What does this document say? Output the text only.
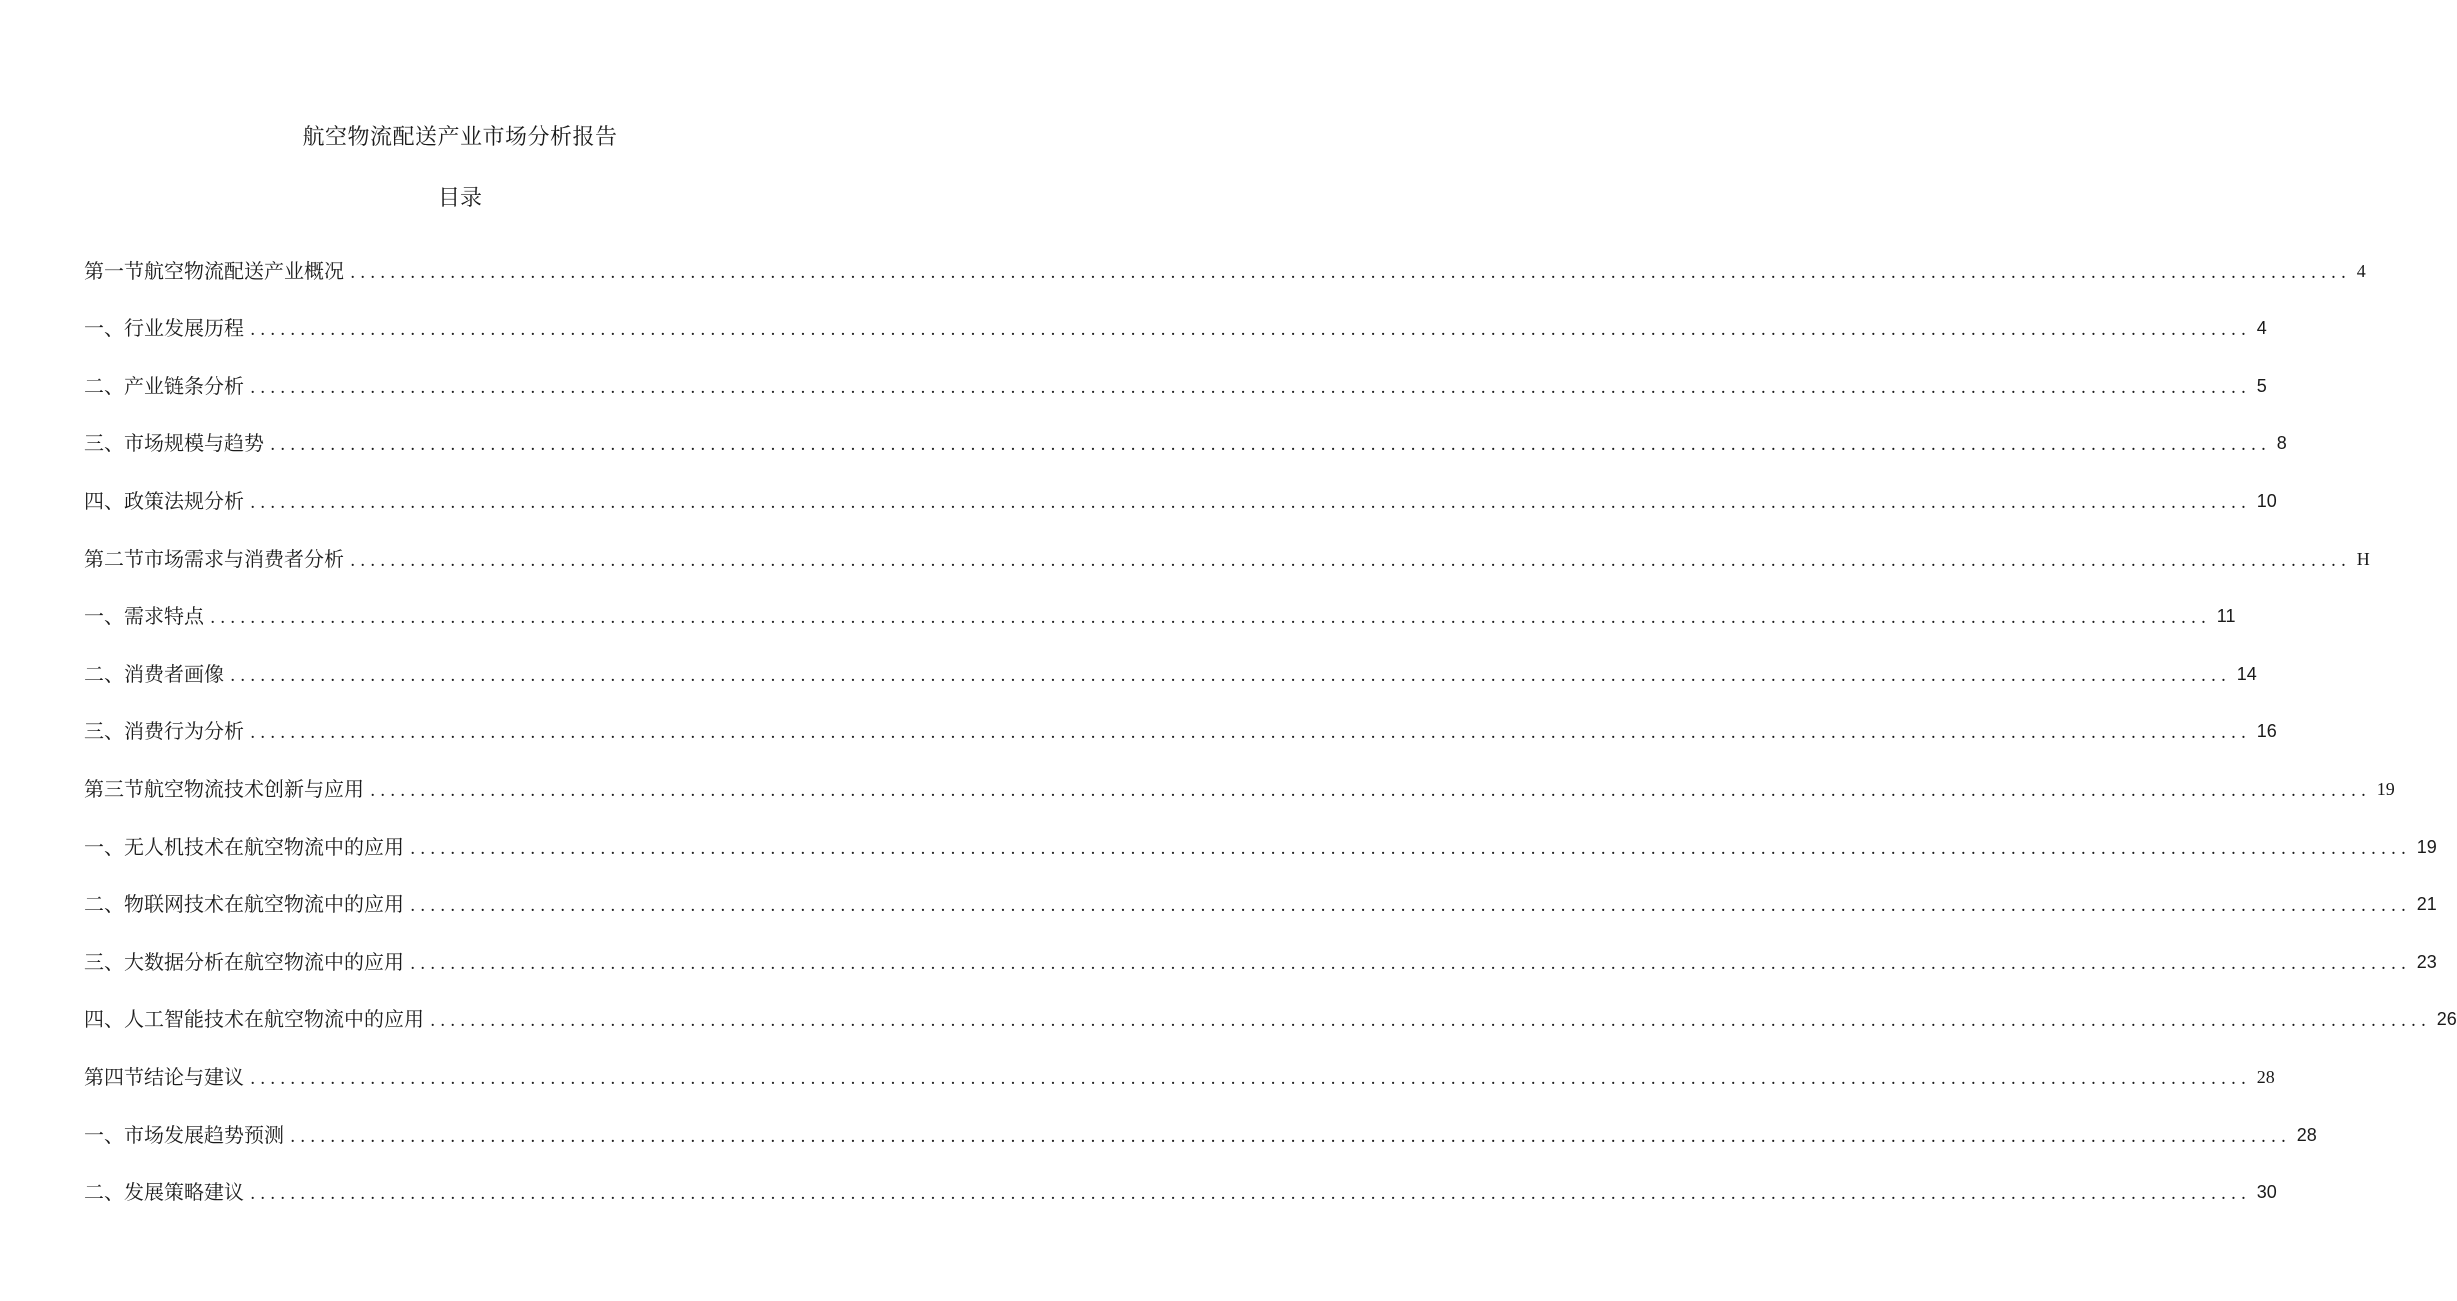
航空物流配送产业市场分析报告
目录
第一节航空物流配送产业概况 ........................................................................................................................................................................................................ 4
一、行业发展历程 ........................................................................................................................................................................................................ 4
二、产业链条分析 ........................................................................................................................................................................................................ 5
三、市场规模与趋势 ........................................................................................................................................................................................................ 8
四、政策法规分析 ........................................................................................................................................................................................................ 10
第二节市场需求与消费者分析 ........................................................................................................................................................................................................ H
一、需求特点 ........................................................................................................................................................................................................ 11
二、消费者画像 ........................................................................................................................................................................................................ 14
三、消费行为分析 ........................................................................................................................................................................................................ 16
第三节航空物流技术创新与应用 ........................................................................................................................................................................................................ 19
一、无人机技术在航空物流中的应用 ........................................................................................................................................................................................................ 19
二、物联网技术在航空物流中的应用 ........................................................................................................................................................................................................ 21
三、大数据分析在航空物流中的应用 ........................................................................................................................................................................................................ 23
四、人工智能技术在航空物流中的应用 ........................................................................................................................................................................................................ 26
第四节结论与建议 ........................................................................................................................................................................................................ 28
一、市场发展趋势预测 ........................................................................................................................................................................................................ 28
二、发展策略建议 ........................................................................................................................................................................................................ 30
